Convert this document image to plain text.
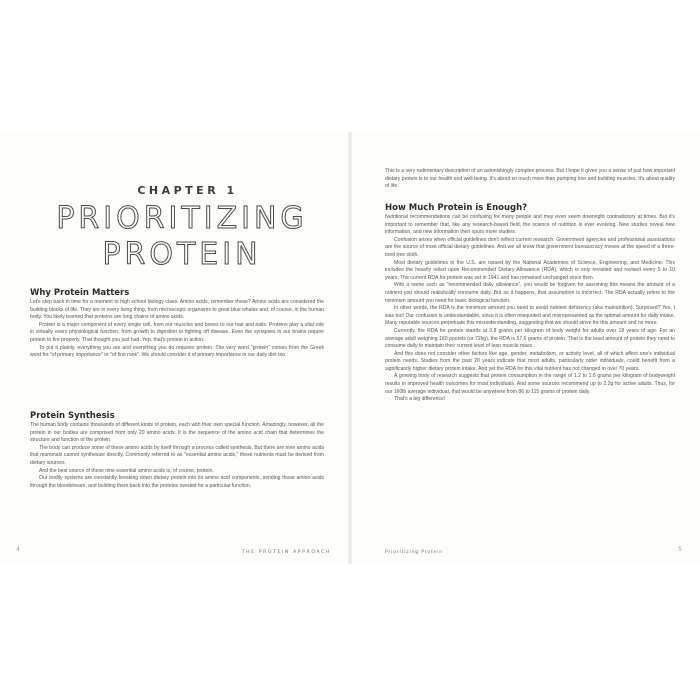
CHAPTER 1
PRIORITIZING
PROTEIN
Why Protein Matters

Let's step back in time for a moment to high school biology class. Amino acids, remember those? Amino acids are considered the building blocks of life. They are in every living thing, from microscopic organisms to great blue whales and, of course, in the human body. You likely learned that proteins are long chains of amino acids.

Protein is a major component of every single cell, from our muscles and bones to our hair and nails. Proteins play a vital role in virtually every physiological function, from growth to digestion to fighting off disease. Even the synapses in our brains require protein to fire properly. That thought you just had. Yep, that's protein in action.

To put it plainly, everything you are and everything you do requires protein. The very word "protein" comes from the Greek word for "of primary importance" or "of first rank". We should consider it of primary importance in our daily diet too.

Protein Synthesis

The human body contains thousands of different kinds of protein, each with their own special function. Amazingly, however, all the protein in our bodies are comprised from only 20 amino acids. It is the sequence of the amino acid chain that determines the structure and function of the protein.

The body can produce some of these amino acids by itself through a process called synthesis. But there are nine amino acids that mammals cannot synthesize directly. Commonly referred to as "essential amino acids," these nutrients must be derived from dietary sources.

And the best source of these nine essential amino acids is, of course, protein.

Our bodily systems are constantly breaking down dietary protein into its amino acid components, sending those amino acids through the bloodstream, and building them back into the proteins needed for a particular function.

4	THE PROTEIN APPROACH

This is a very rudimentary description of an astonishingly complex process. But I hope it gives you a sense of just how important dietary protein is to our health and well-being. It's about so much more than pumping iron and building muscles. It's about quality of life.

How Much Protein is Enough?

Nutritional recommendations can be confusing for many people and may even seem downright contradictory at times. But it's important to remember that, like any research-based field, the science of nutrition is ever evolving. New studies reveal new information, and new information then spurs more studies.

Confusion arises when official guidelines don't reflect current research. Government agencies and professional associations are the source of most official dietary guidelines. And we all know that government bureaucracy moves at the speed of a three-toed tree sloth.

Most dietary guidelines in the U.S. are issued by the National Academies of Science, Engineering, and Medicine. This includes the heavily relied upon Recommended Dietary Allowance (RDA), which is only revisited and revised every 5 to 10 years. The current RDA for protein was set in 1941 and has remained unchanged since then.

With a name such as "recommended daily allowance", you would be forgiven for assuming this means the amount of a nutrient you should realistically consume daily. But as it happens, that assumption is incorrect. The RDA actually refers to the minimum amount you need for basic biological function.

In other words, the RDA is the minimum amount you need to avoid nutrient deficiency (aka malnutrition). Surprised? Yes, I was too! Our confusion is understandable, since it is often misquoted and misrepresented as the optimal amount for daily intake. Many reputable sources perpetuate this misunderstanding, suggesting that we should strive for this amount and no more.

Currently, the RDA for protein stands at 0.8 grams per kilogram of body weight for adults over 18 years of age. For an average adult weighing 160 pounds (or 72kg), the RDA is 57.6 grams of protein. That is the least amount of protein they need to consume daily to maintain their current level of lean muscle mass.

And this does not consider other factors like age, gender, metabolism, or activity level, all of which affect one's individual protein needs. Studies from the past 20 years indicate that most adults, particularly older individuals, could benefit from a significantly higher dietary protein intake. And yet the RDA for this vital nutrient has not changed in over 70 years.

A growing body of research suggests that protein consumption in the range of 1.2 to 1.6 grams per kilogram of bodyweight results in improved health outcomes for most individuals. And some sources recommend up to 2.2g for active adults. Thus, for our 160lb average individual, that would be anywhere from 86 to 115 grams of protein daily.

That's a big difference!

Prioritizing Protein	5
